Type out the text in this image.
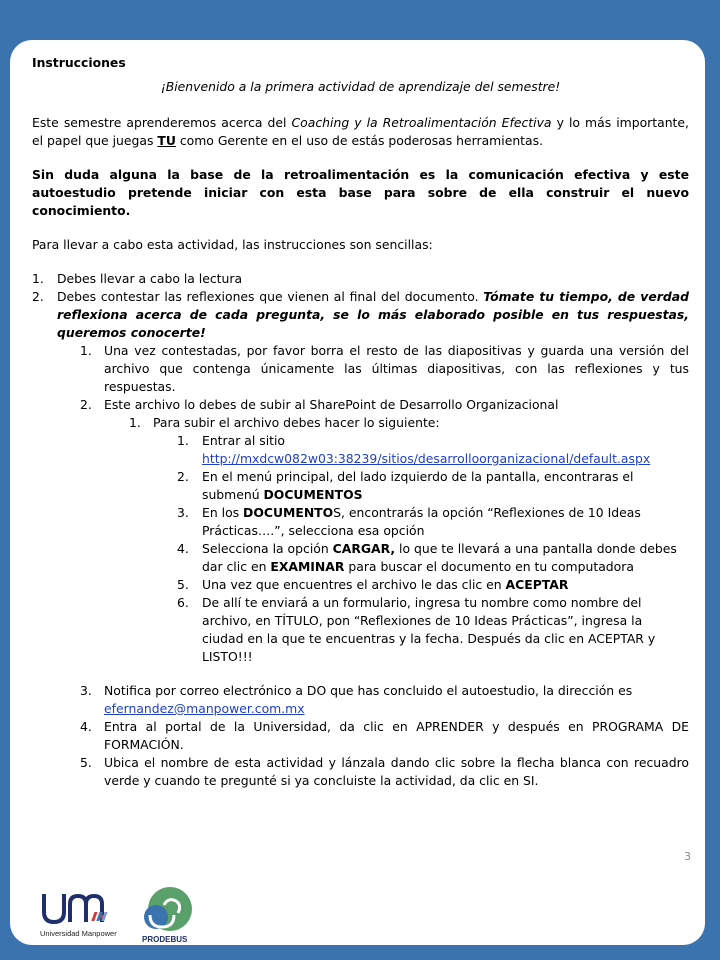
Instrucciones

¡Bienvenido a la primera actividad de aprendizaje del semestre!

Este semestre aprenderemos acerca del Coaching y la Retroalimentación Efectiva y lo más importante, el papel que juegas TU como Gerente en el uso de estás poderosas herramientas.

Sin duda alguna la base de la retroalimentación es la comunicación efectiva y este autoestudio pretende iniciar con esta base para sobre de ella construir el nuevo conocimiento.

Para llevar a cabo esta actividad, las instrucciones son sencillas:

1.	Debes llevar a cabo la lectura
2.	Debes contestar las reflexiones que vienen al final del documento. Tómate tu tiempo, de verdad reflexiona acerca de cada pregunta, se lo más elaborado posible en tus respuestas, queremos conocerte!
1. Una vez contestadas, por favor borra el resto de las diapositivas y guarda una versión del archivo que contenga únicamente las últimas diapositivas, con las reflexiones y tus respuestas.
2. Este archivo lo debes de subir al SharePoint de Desarrollo Organizacional
1. Para subir el archivo debes hacer lo siguiente:
1.	Entrar al sitio
http://mxdcw082w03:38239/sitios/desarrolloorganizacional/default.aspx
2.	En el menú principal, del lado izquierdo de la pantalla, encontraras el submenú DOCUMENTOS
3.	En los DOCUMENTOS, encontrarás la opción “Reflexiones de 10 Ideas Prácticas….”, selecciona esa opción
4.	Selecciona la opción CARGAR, lo que te llevará a una pantalla donde debes dar clic en EXAMINAR para buscar el documento en tu computadora
5.	Una vez que encuentres el archivo le das clic en ACEPTAR
6.	De allí te enviará a un formulario, ingresa tu nombre como nombre del archivo, en TÍTULO, pon “Reflexiones de 10 Ideas Prácticas”, ingresa la ciudad en la que te encuentras y la fecha. Después da clic en ACEPTAR y LISTO!!!
3. Notifica por correo electrónico a DO que has concluido el autoestudio, la dirección es
efernandez@manpower.com.mx
4. Entra al portal de la Universidad, da clic en APRENDER y después en PROGRAMA DE FORMACIÓN.
5. Ubica el nombre de esta actividad y lánzala dando clic sobre la flecha blanca con recuadro verde y cuando te pregunté si ya concluiste la actividad, da clic en SI.
3
Universidad Manpower
PRODEBUS
